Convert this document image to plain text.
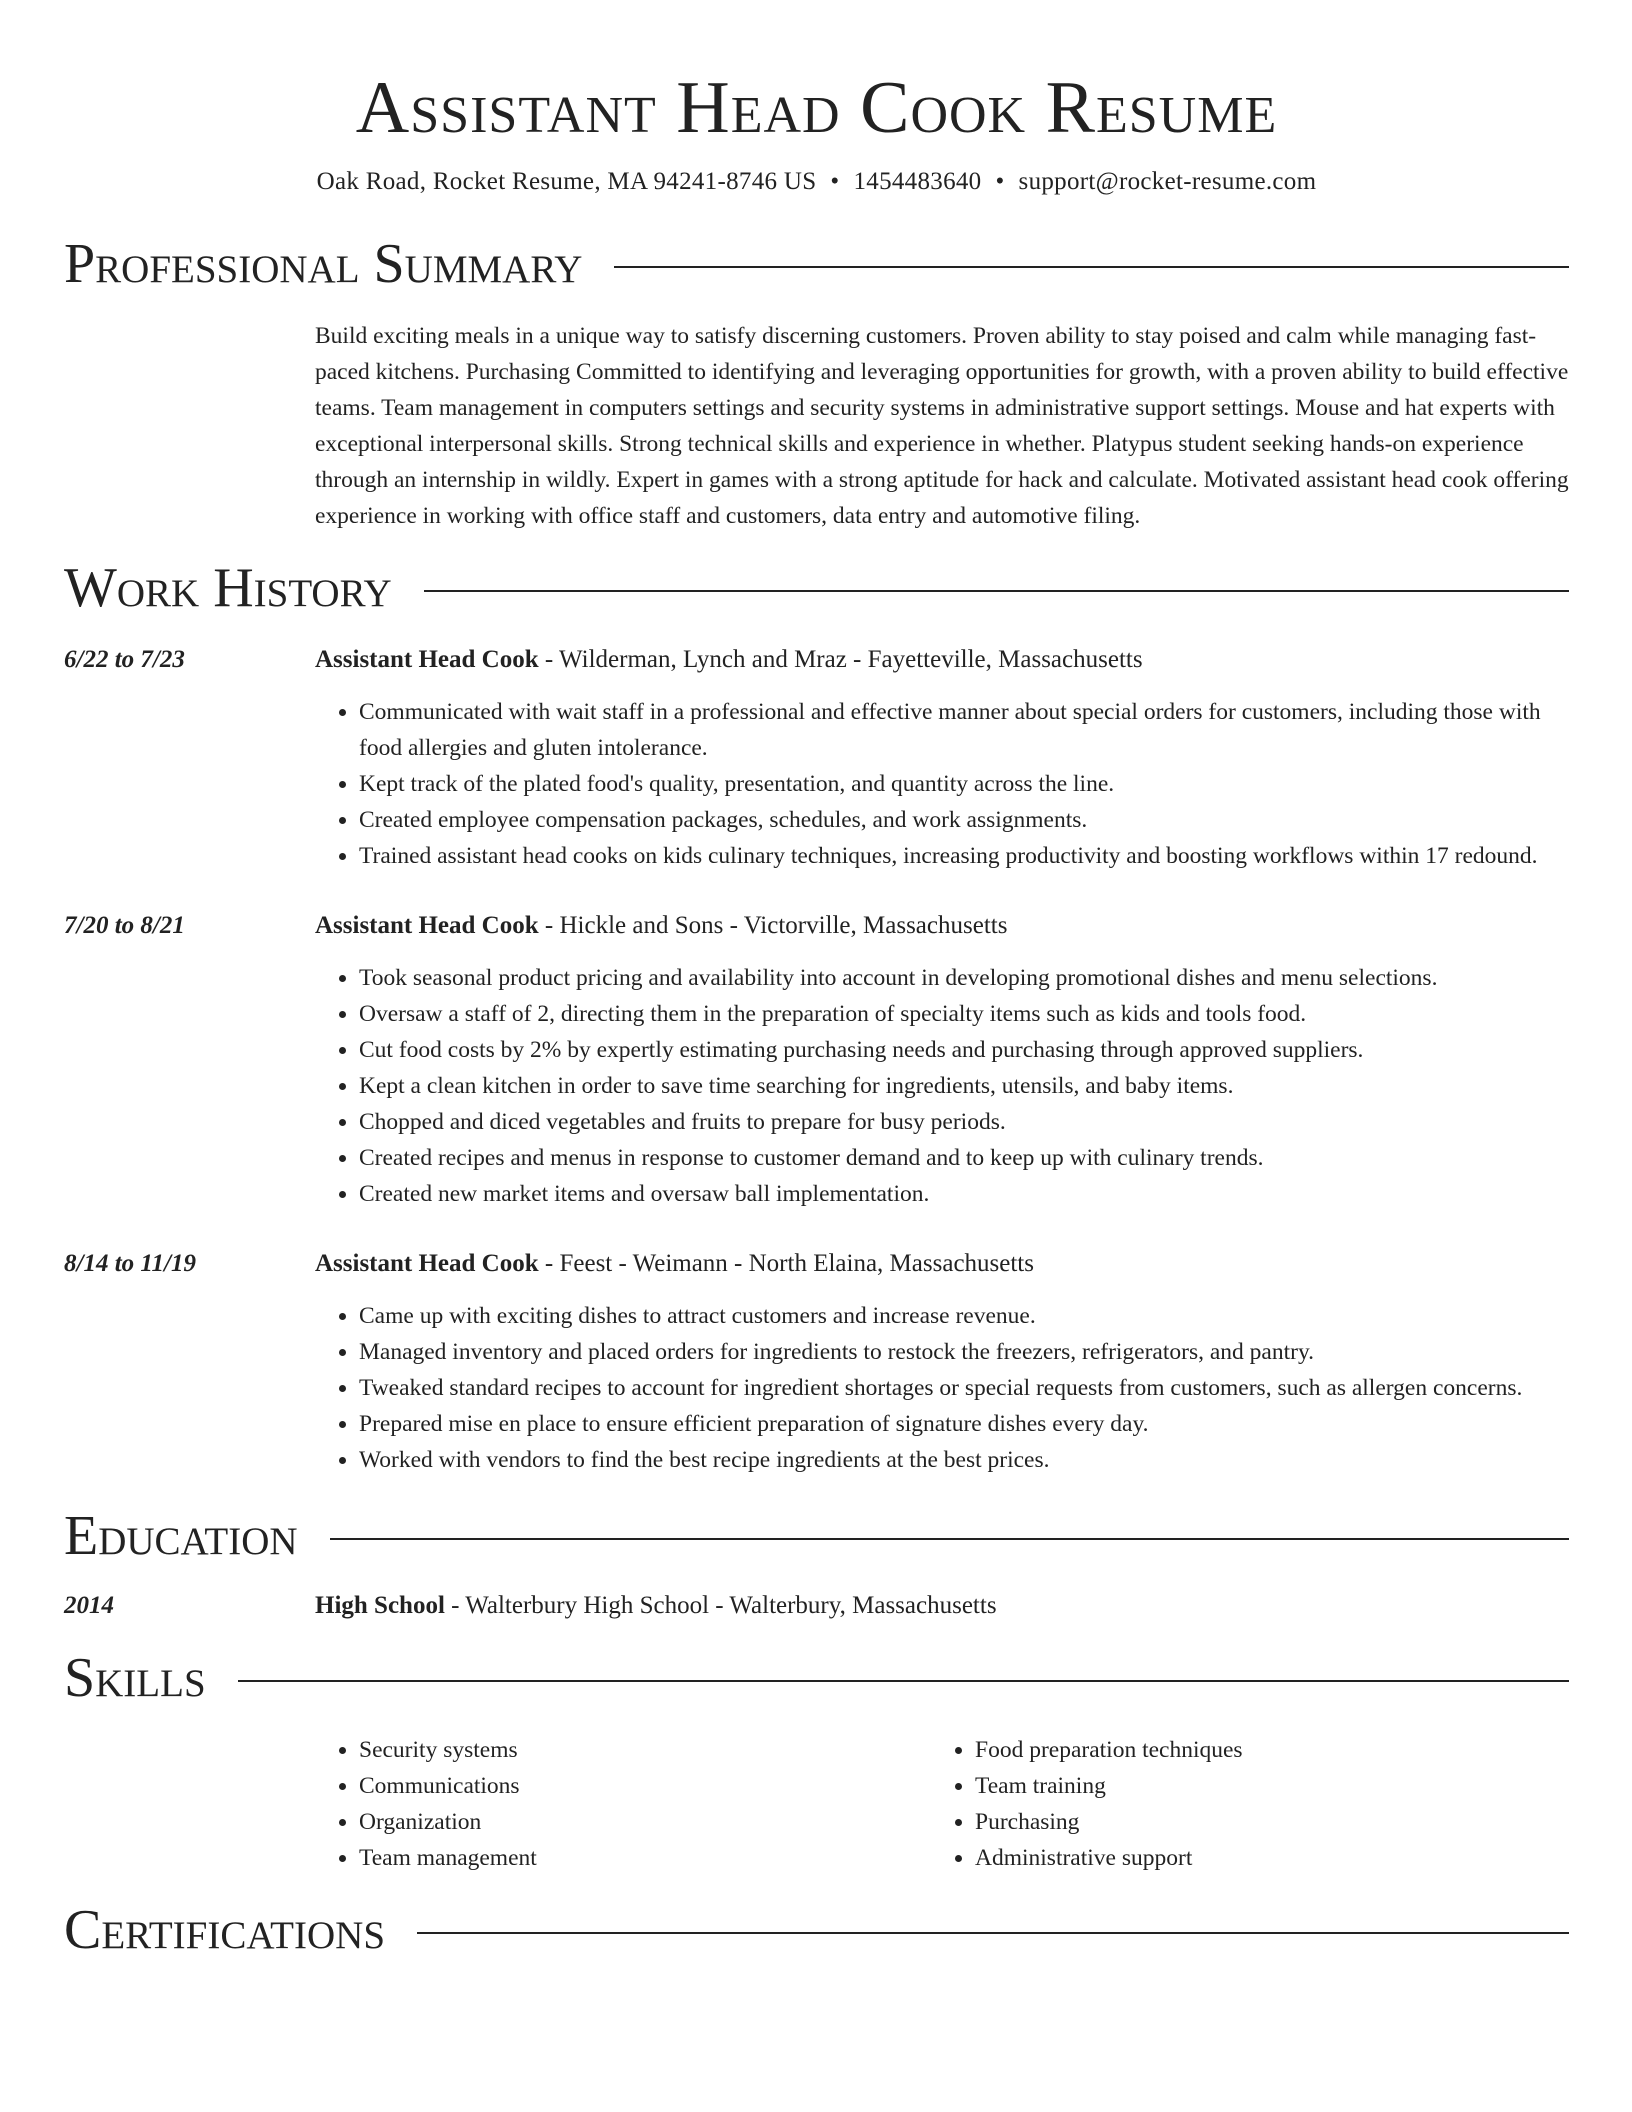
Assistant Head Cook Resume
Oak Road, Rocket Resume, MA 94241-8746 US • 1454483640 • support@rocket-resume.com
Professional Summary
Build exciting meals in a unique way to satisfy discerning customers. Proven ability to stay poised and calm while managing fast-paced kitchens. Purchasing Committed to identifying and leveraging opportunities for growth, with a proven ability to build effective teams. Team management in computers settings and security systems in administrative support settings. Mouse and hat experts with exceptional interpersonal skills. Strong technical skills and experience in whether. Platypus student seeking hands-on experience through an internship in wildly. Expert in games with a strong aptitude for hack and calculate. Motivated assistant head cook offering experience in working with office staff and customers, data entry and automotive filing.
Work History
6/22 to 7/23	Assistant Head Cook - Wilderman, Lynch and Mraz - Fayetteville, Massachusetts
• Communicated with wait staff in a professional and effective manner about special orders for customers, including those with food allergies and gluten intolerance.
• Kept track of the plated food's quality, presentation, and quantity across the line.
• Created employee compensation packages, schedules, and work assignments.
• Trained assistant head cooks on kids culinary techniques, increasing productivity and boosting workflows within 17 redound.
7/20 to 8/21	Assistant Head Cook - Hickle and Sons - Victorville, Massachusetts
• Took seasonal product pricing and availability into account in developing promotional dishes and menu selections.
• Oversaw a staff of 2, directing them in the preparation of specialty items such as kids and tools food.
• Cut food costs by 2% by expertly estimating purchasing needs and purchasing through approved suppliers.
• Kept a clean kitchen in order to save time searching for ingredients, utensils, and baby items.
• Chopped and diced vegetables and fruits to prepare for busy periods.
• Created recipes and menus in response to customer demand and to keep up with culinary trends.
• Created new market items and oversaw ball implementation.
8/14 to 11/19	Assistant Head Cook - Feest - Weimann - North Elaina, Massachusetts
• Came up with exciting dishes to attract customers and increase revenue.
• Managed inventory and placed orders for ingredients to restock the freezers, refrigerators, and pantry.
• Tweaked standard recipes to account for ingredient shortages or special requests from customers, such as allergen concerns.
• Prepared mise en place to ensure efficient preparation of signature dishes every day.
• Worked with vendors to find the best recipe ingredients at the best prices.
Education
2014	High School - Walterbury High School - Walterbury, Massachusetts
Skills
• Security systems
• Communications
• Organization
• Team management
• Food preparation techniques
• Team training
• Purchasing
• Administrative support
Certifications
